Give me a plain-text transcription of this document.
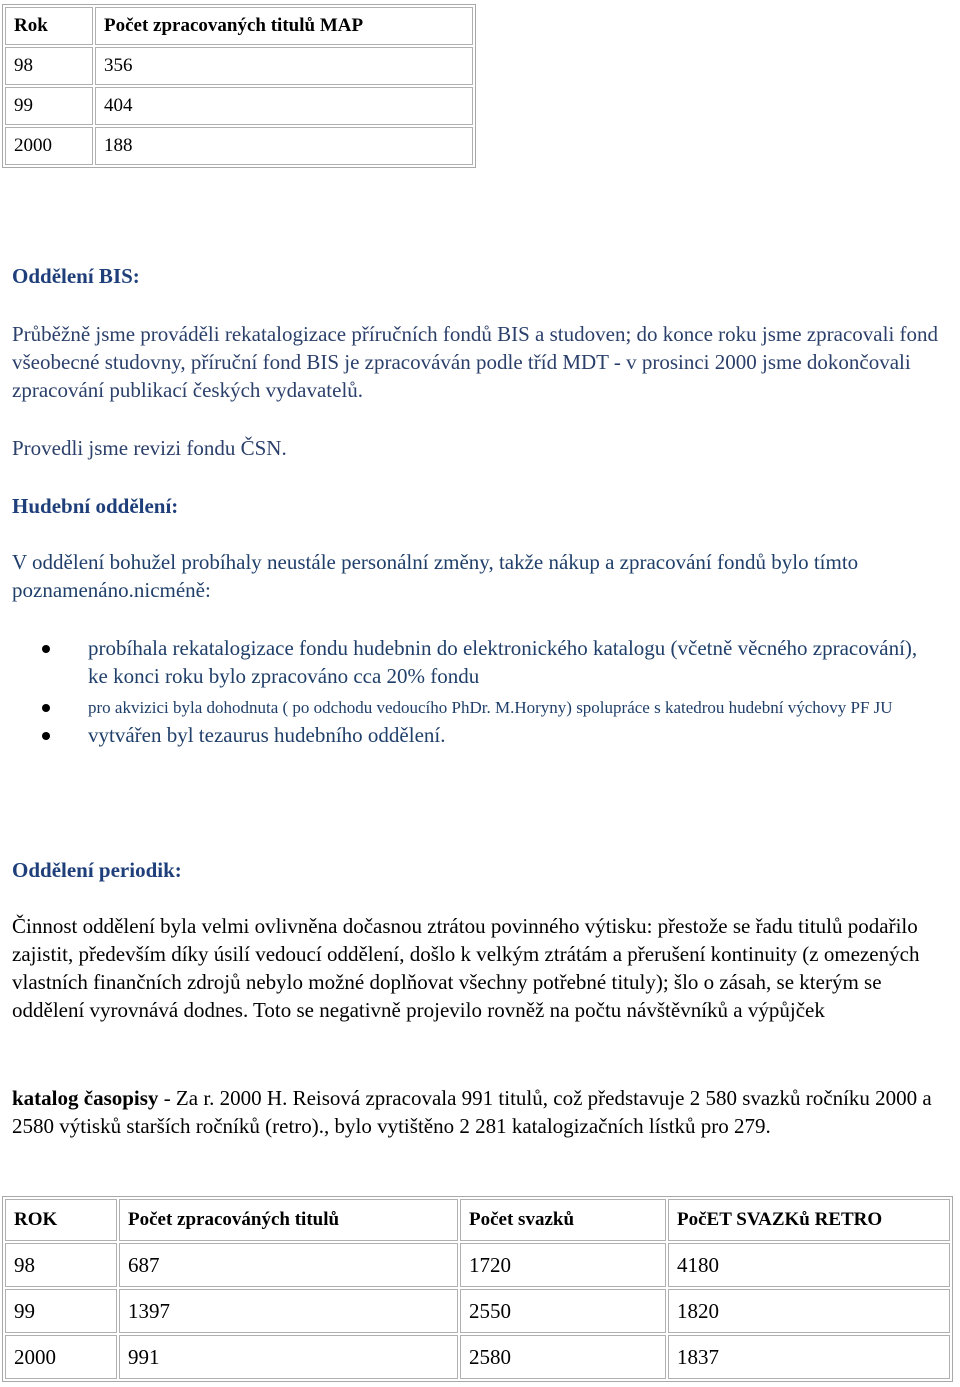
Rok	Počet zpracovaných titulů MAP
98	356
99	404
2000	188
Oddělení BIS:
Průběžně jsme prováděli rekatalogizace příručních fondů BIS a studoven; do konce roku jsme zpracovali fond všeobecné studovny, příruční fond BIS je zpracováván podle tříd MDT - v prosinci 2000 jsme dokončovali zpracování publikací českých vydavatelů.
Provedli jsme revizi fondu ČSN.
Hudební oddělení:
V oddělení bohužel probíhaly neustále personální změny, takže nákup a zpracování fondů bylo tímto poznamenáno.nicméně:
probíhala rekatalogizace fondu hudebnin do elektronického katalogu (včetně věcného zpracování), ke konci roku bylo zpracováno cca 20% fondu
pro akvizici byla dohodnuta ( po odchodu vedoucího PhDr. M.Horyny) spolupráce s katedrou hudební výchovy PF JU
vytvářen byl tezaurus hudebního oddělení.
Oddělení periodik:
Činnost oddělení byla velmi ovlivněna dočasnou ztrátou povinného výtisku: přestože se řadu titulů podařilo zajistit, především díky úsilí vedoucí oddělení, došlo k velkým ztrátám a přerušení kontinuity (z omezených vlastních finančních zdrojů nebylo možné doplňovat všechny potřebné tituly); šlo o zásah, se kterým se oddělení vyrovnává dodnes. Toto se negativně projevilo rovněž na počtu návštěvníků a výpůjček
katalog časopisy - Za r. 2000 H. Reisová zpracovala 991 titulů, což představuje 2 580 svazků ročníku 2000 a 2580 výtisků starších ročníků (retro)., bylo vytištěno 2 281 katalogizačních lístků pro 279.
ROK	Počet zpracováných titulů	Počet svazků	PočET SVAZKů RETRO
98	687	1720	4180
99	1397	2550	1820
2000	991	2580	1837
